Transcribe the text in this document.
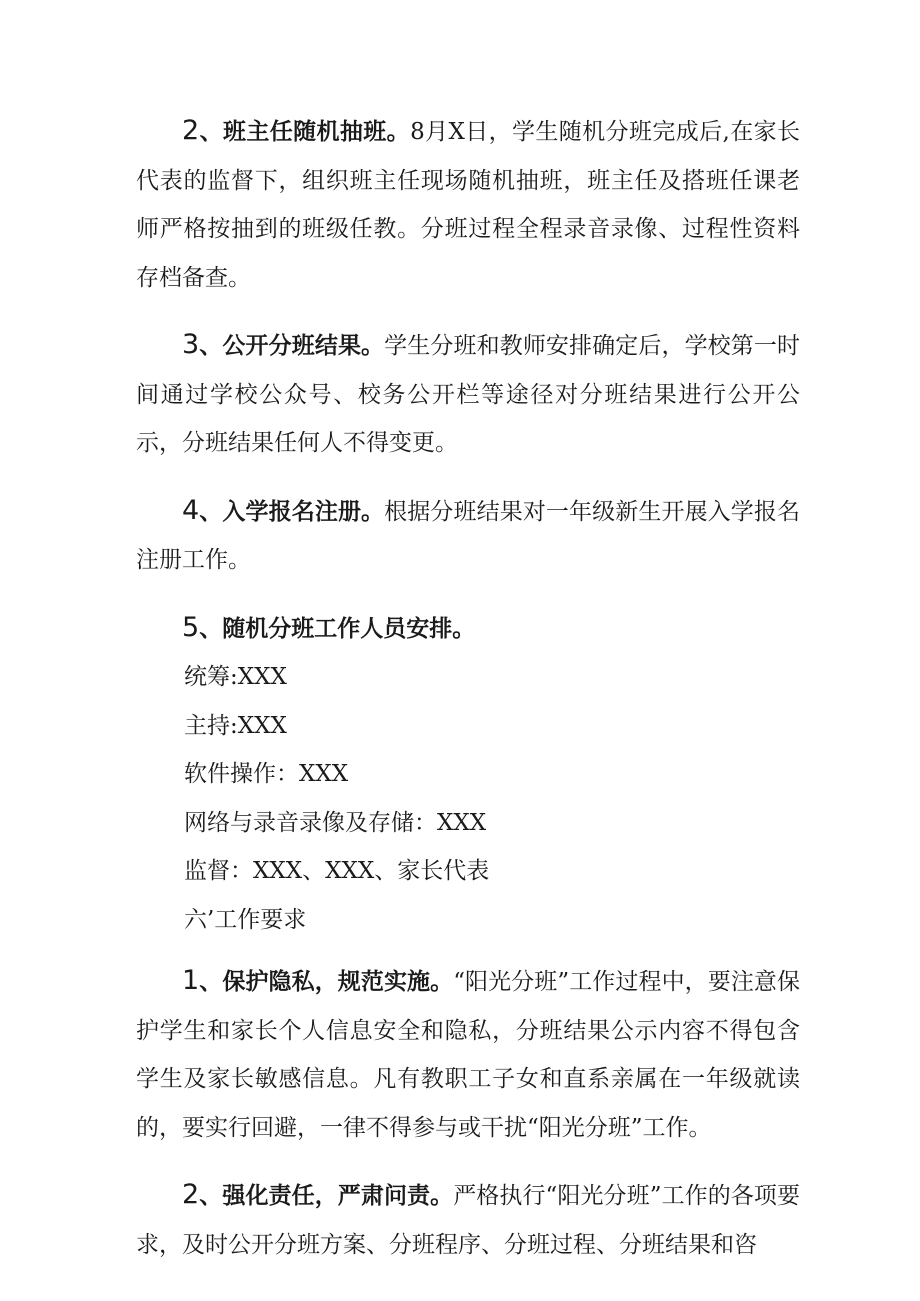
2、班主任随机抽班。8月X日，学生随机分班完成后,在家长代表的监督下，组织班主任现场随机抽班，班主任及搭班任课老师严格按抽到的班级任教。分班过程全程录音录像、过程性资料存档备查。

3、公开分班结果。学生分班和教师安排确定后，学校第一时间通过学校公众号、校务公开栏等途径对分班结果进行公开公示，分班结果任何人不得变更。

4、入学报名注册。根据分班结果对一年级新生开展入学报名注册工作。

5、随机分班工作人员安排。

统筹:XXX

主持:XXX

软件操作：XXX

网络与录音录像及存储：XXX

监督：XXX、XXX、家长代表

六’工作要求

1、保护隐私，规范实施。“阳光分班”工作过程中，要注意保护学生和家长个人信息安全和隐私，分班结果公示内容不得包含学生及家长敏感信息。凡有教职工子女和直系亲属在一年级就读的，要实行回避，一律不得参与或干扰“阳光分班”工作。

2、强化责任，严肃问责。严格执行“阳光分班”工作的各项要求，及时公开分班方案、分班程序、分班过程、分班结果和咨
